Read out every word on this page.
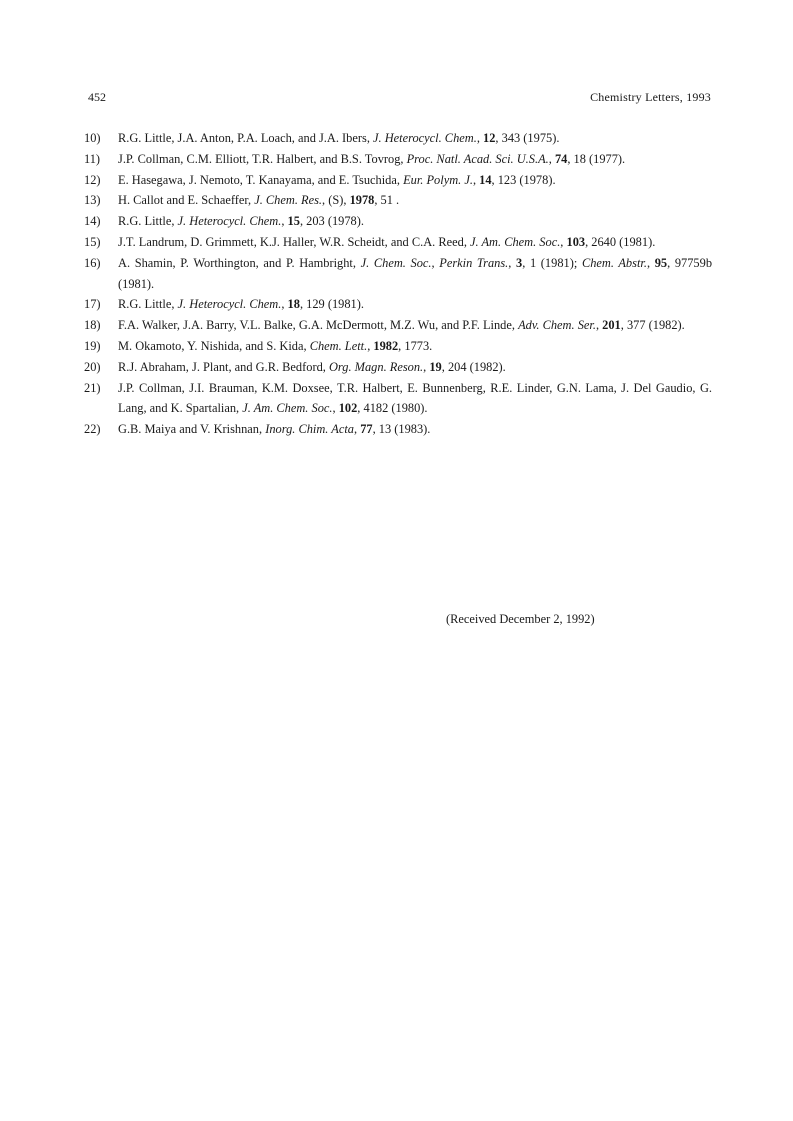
452	Chemistry Letters, 1993
10)	R.G. Little, J.A. Anton, P.A. Loach, and J.A. Ibers, J. Heterocycl. Chem., 12, 343 (1975).
11)	J.P. Collman, C.M. Elliott, T.R. Halbert, and B.S. Tovrog, Proc. Natl. Acad. Sci. U.S.A., 74, 18 (1977).
12)	E. Hasegawa, J. Nemoto, T. Kanayama, and E. Tsuchida, Eur. Polym. J., 14, 123 (1978).
13)	H. Callot and E. Schaeffer, J. Chem. Res., (S), 1978, 51 .
14)	R.G. Little, J. Heterocycl. Chem., 15, 203 (1978).
15)	J.T. Landrum, D. Grimmett, K.J. Haller, W.R. Scheidt, and C.A. Reed, J. Am. Chem. Soc., 103, 2640 (1981).
16)	A. Shamin, P. Worthington, and P. Hambright, J. Chem. Soc., Perkin Trans., 3, 1 (1981); Chem. Abstr., 95, 97759b (1981).
17)	R.G. Little, J. Heterocycl. Chem., 18, 129 (1981).
18)	F.A. Walker, J.A. Barry, V.L. Balke, G.A. McDermott, M.Z. Wu, and P.F. Linde, Adv. Chem. Ser., 201, 377 (1982).
19)	M. Okamoto, Y. Nishida, and S. Kida, Chem. Lett., 1982, 1773.
20)	R.J. Abraham, J. Plant, and G.R. Bedford, Org. Magn. Reson., 19, 204 (1982).
21)	J.P. Collman, J.I. Brauman, K.M. Doxsee, T.R. Halbert, E. Bunnenberg, R.E. Linder, G.N. Lama, J. Del Gaudio, G. Lang, and K. Spartalian, J. Am. Chem. Soc., 102, 4182 (1980).
22)	G.B. Maiya and V. Krishnan, Inorg. Chim. Acta, 77, 13 (1983).
(Received December 2, 1992)
